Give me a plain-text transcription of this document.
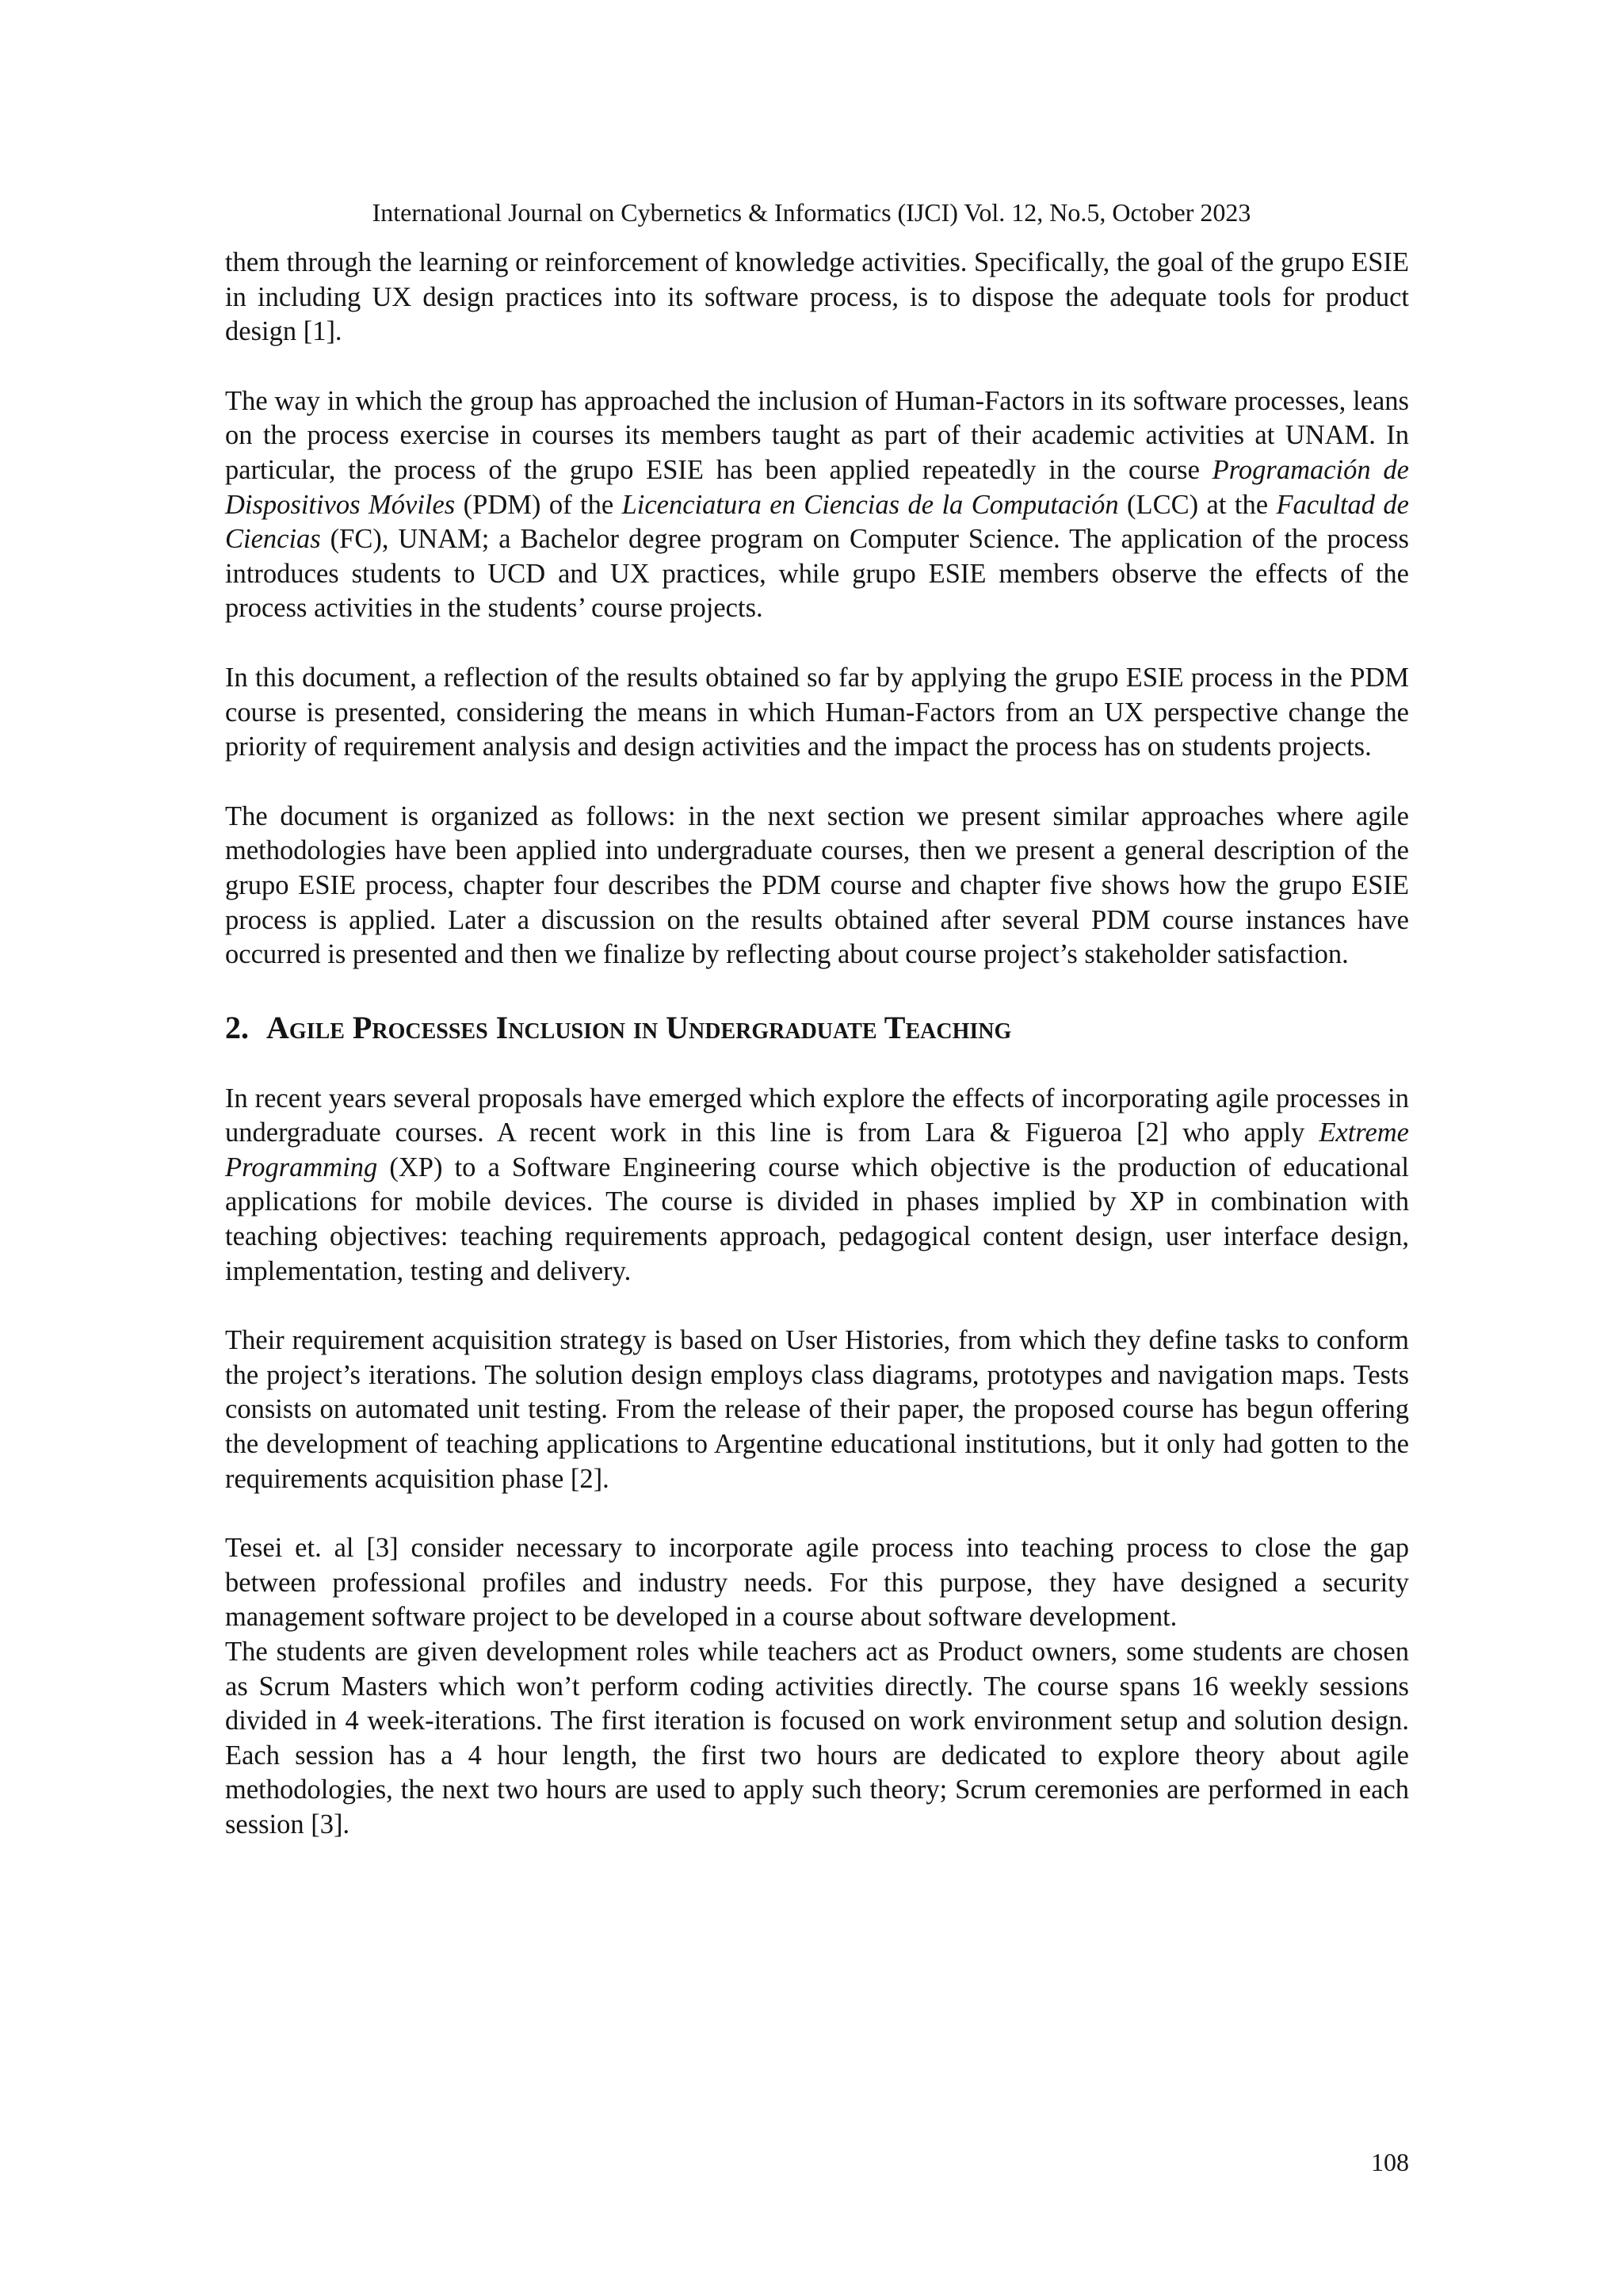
International Journal on Cybernetics & Informatics (IJCI) Vol. 12, No.5, October 2023

them through the learning or reinforcement of knowledge activities. Specifically, the goal of the grupo ESIE in including UX design practices into its software process, is to dispose the adequate tools for product design [1].

The way in which the group has approached the inclusion of Human-Factors in its software processes, leans on the process exercise in courses its members taught as part of their academic activities at UNAM. In particular, the process of the grupo ESIE has been applied repeatedly in the course Programación de Dispositivos Móviles (PDM) of the Licenciatura en Ciencias de la Computación (LCC) at the Facultad de Ciencias (FC), UNAM; a Bachelor degree program on Computer Science. The application of the process introduces students to UCD and UX practices, while grupo ESIE members observe the effects of the process activities in the students’ course projects.

In this document, a reflection of the results obtained so far by applying the grupo ESIE process in the PDM course is presented, considering the means in which Human-Factors from an UX perspective change the priority of requirement analysis and design activities and the impact the process has on students projects.

The document is organized as follows: in the next section we present similar approaches where agile methodologies have been applied into undergraduate courses, then we present a general description of the grupo ESIE process, chapter four describes the PDM course and chapter five shows how the grupo ESIE process is applied. Later a discussion on the results obtained after several PDM course instances have occurred is presented and then we finalize by reflecting about course project’s stakeholder satisfaction.

2. Agile Processes Inclusion in Undergraduate Teaching

In recent years several proposals have emerged which explore the effects of incorporating agile processes in undergraduate courses. A recent work in this line is from Lara & Figueroa [2] who apply Extreme Programming (XP) to a Software Engineering course which objective is the production of educational applications for mobile devices. The course is divided in phases implied by XP in combination with teaching objectives: teaching requirements approach, pedagogical content design, user interface design, implementation, testing and delivery.

Their requirement acquisition strategy is based on User Histories, from which they define tasks to conform the project’s iterations. The solution design employs class diagrams, prototypes and navigation maps. Tests consists on automated unit testing. From the release of their paper, the proposed course has begun offering the development of teaching applications to Argentine educational institutions, but it only had gotten to the requirements acquisition phase [2].

Tesei et. al [3] consider necessary to incorporate agile process into teaching process to close the gap between professional profiles and industry needs. For this purpose, they have designed a security management software project to be developed in a course about software development.

The students are given development roles while teachers act as Product owners, some students are chosen as Scrum Masters which won’t perform coding activities directly. The course spans 16 weekly sessions divided in 4 week-iterations. The first iteration is focused on work environment setup and solution design. Each session has a 4 hour length, the first two hours are dedicated to explore theory about agile methodologies, the next two hours are used to apply such theory; Scrum ceremonies are performed in each session [3].

108
